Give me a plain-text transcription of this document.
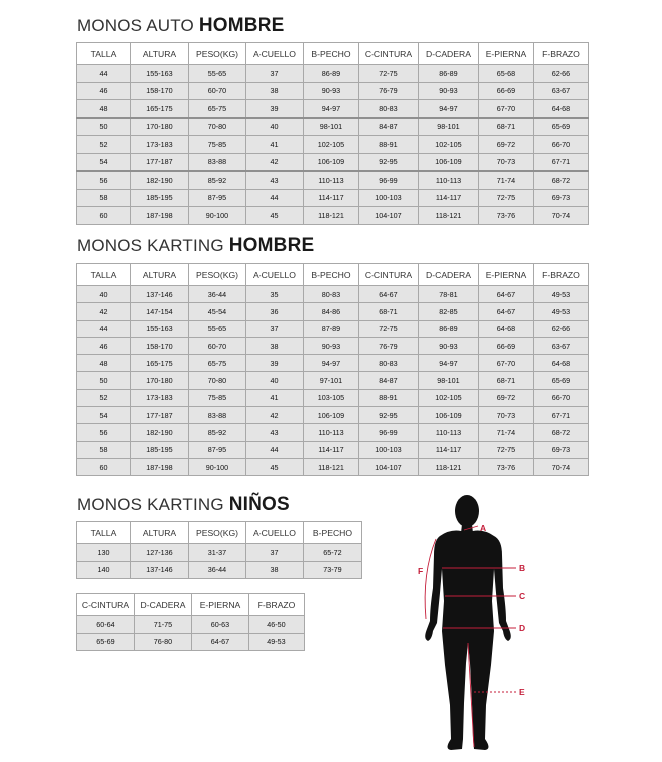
MONOS AUTO HOMBRE
TALLA	ALTURA	PESO(KG)	A-CUELLO	B-PECHO	C-CINTURA	D-CADERA	E-PIERNA	F-BRAZO
44	155-163	55-65	37	86-89	72-75	86-89	65-68	62-66
46	158-170	60-70	38	90-93	76-79	90-93	66-69	63-67
48	165-175	65-75	39	94-97	80-83	94-97	67-70	64-68
50	170-180	70-80	40	98-101	84-87	98-101	68-71	65-69
52	173-183	75-85	41	102-105	88-91	102-105	69-72	66-70
54	177-187	83-88	42	106-109	92-95	106-109	70-73	67-71
56	182-190	85-92	43	110-113	96-99	110-113	71-74	68-72
58	185-195	87-95	44	114-117	100-103	114-117	72-75	69-73
60	187-198	90-100	45	118-121	104-107	118-121	73-76	70-74
MONOS KARTING HOMBRE
TALLA	ALTURA	PESO(KG)	A-CUELLO	B-PECHO	C-CINTURA	D-CADERA	E-PIERNA	F-BRAZO
40	137-146	36-44	35	80-83	64-67	78-81	64-67	49-53
42	147-154	45-54	36	84-86	68-71	82-85	64-67	49-53
44	155-163	55-65	37	87-89	72-75	86-89	64-68	62-66
46	158-170	60-70	38	90-93	76-79	90-93	66-69	63-67
48	165-175	65-75	39	94-97	80-83	94-97	67-70	64-68
50	170-180	70-80	40	97-101	84-87	98-101	68-71	65-69
52	173-183	75-85	41	103-105	88-91	102-105	69-72	66-70
54	177-187	83-88	42	106-109	92-95	106-109	70-73	67-71
56	182-190	85-92	43	110-113	96-99	110-113	71-74	68-72
58	185-195	87-95	44	114-117	100-103	114-117	72-75	69-73
60	187-198	90-100	45	118-121	104-107	118-121	73-76	70-74
MONOS KARTING NIÑOS
TALLA	ALTURA	PESO(KG)	A-CUELLO	B-PECHO
130	127-136	31-37	37	65-72
140	137-146	36-44	38	73-79
C-CINTURA	D-CADERA	E-PIERNA	F-BRAZO
60-64	71-75	60-63	46-50
65-69	76-80	64-67	49-53
A
B
C
D
E
F
